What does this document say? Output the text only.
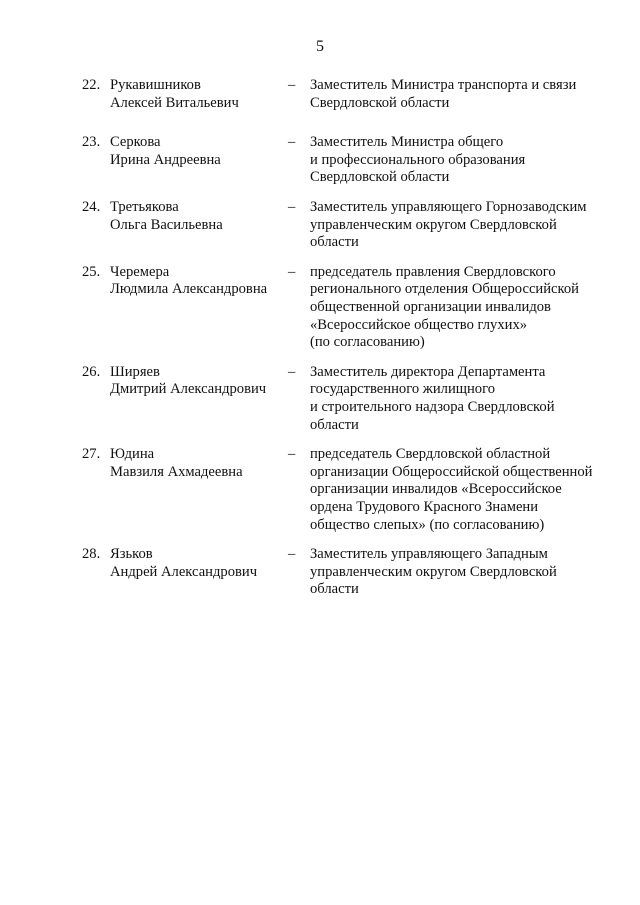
5
22. Рукавишников
Алексей Витальевич
– Заместитель Министра транспорта и связи
Свердловской области
23. Серкова
Ирина Андреевна
– Заместитель Министра общего
и профессионального образования
Свердловской области
24. Третьякова
Ольга Васильевна
– Заместитель управляющего Горнозаводским
управленческим округом Свердловской
области
25. Черемера
Людмила Александровна
– председатель правления Свердловского
регионального отделения Общероссийской
общественной организации инвалидов
«Всероссийское общество глухих»
(по согласованию)
26. Ширяев
Дмитрий Александрович
– Заместитель директора Департамента
государственного жилищного
и строительного надзора Свердловской
области
27. Юдина
Мавзиля Ахмадеевна
– председатель Свердловской областной
организации Общероссийской общественной
организации инвалидов «Всероссийское
ордена Трудового Красного Знамени
общество слепых» (по согласованию)
28. Язьков
Андрей Александрович
– Заместитель управляющего Западным
управленческим округом Свердловской
области
